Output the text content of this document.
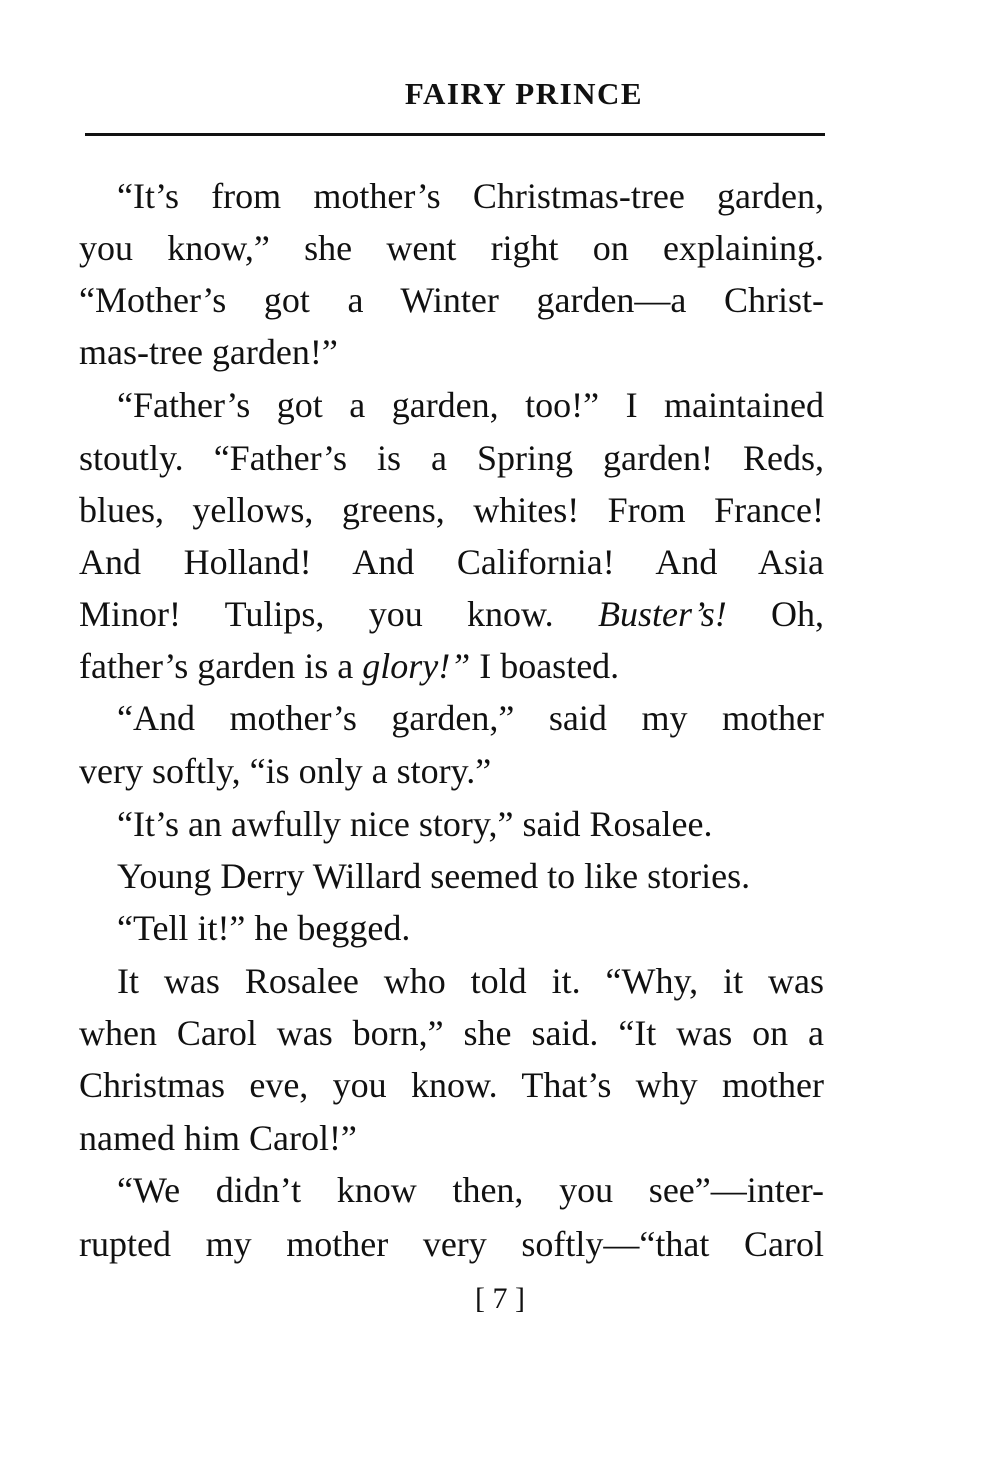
FAIRY PRINCE
“It’s from mother’s Christmas-tree garden,
you know,” she went right on explaining.
“Mother’s got a Winter garden—a Christ-
mas-tree garden!”
“Father’s got a garden, too!” I maintained
stoutly. “Father’s is a Spring garden! Reds,
blues, yellows, greens, whites! From France!
And Holland! And California! And Asia
Minor! Tulips, you know. Buster’s! Oh,
father’s garden is a glory!” I boasted.
“And mother’s garden,” said my mother
very softly, “is only a story.”
“It’s an awfully nice story,” said Rosalee.
Young Derry Willard seemed to like stories.
“Tell it!” he begged.
It was Rosalee who told it. “Why, it was
when Carol was born,” she said. “It was on a
Christmas eve, you know. That’s why mother
named him Carol!”
“We didn’t know then, you see”—inter-
rupted my mother very softly—“that Carol
[ 7 ]
